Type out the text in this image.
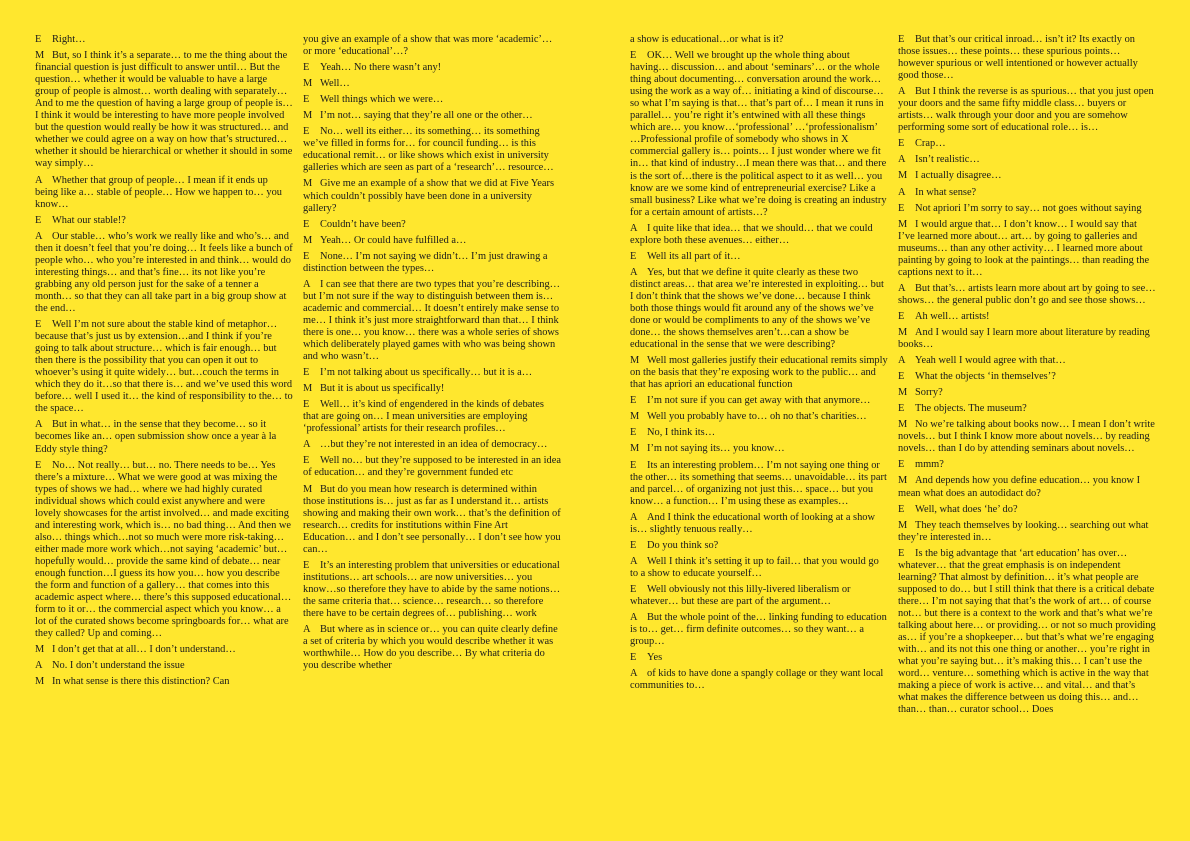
E Right…

M But, so I think it’s a separate… to me the thing about the financial question is just difficult to answer until… But the question… whether it would be valuable to have a large group of people is almost… worth dealing with separately… And to me the question of having a large group of people is… I think it would be interesting to have more people involved but the question would really be how it was structured… and whether we could agree on a way on how that’s structured… whether it should be hierarchical or whether it should in some way simply…

A Whether that group of people… I mean if it ends up being like a… stable of people… How we happen to… you know…

E What our stable!?

A Our stable… who’s work we really like and who’s… and then it doesn’t feel that you’re doing… It feels like a bunch of people who… who you’re interested in and think… would do interesting things… and that’s fine… its not like you’re grabbing any old person just for the sake of a tenner a month… so that they can all take part in a big group show at the end…

E Well I’m not sure about the stable kind of metaphor… because that’s just us by extension…and I think if you’re going to talk about structure… which is fair enough… but then there is the possibility that you can open it out to whoever’s using it quite widely… but…couch the terms in which they do it…so that there is… and we’ve used this word before… well I used it… the kind of responsibility to the… to the space…

A But in what… in the sense that they become… so it becomes like an… open submission show once a year à la Eddy style thing?

E No… Not really… but… no. There needs to be… Yes there’s a mixture… What we were good at was mixing the types of shows we had… where we had highly curated individual shows which could exist anywhere and were lovely showcases for the artist involved… and made exciting and interesting work, which is… no bad thing… And then we also… things which…not so much were more risk-taking… either made more work which…not saying ‘academic’ but… hopefully would… provide the same kind of debate… near enough function…I guess its how you… how you describe the form and function of a gallery… that comes into this academic aspect where… there’s this supposed educational… form to it or… the commercial aspect which you know… a lot of the curated shows become springboards for… what are they called? Up and coming…

M I don’t get that at all… I don’t understand…

A No. I don’t understand the issue

M In what sense is there this distinction? Can

you give an example of a show that was more ‘academic’… or more ‘educational’…?

E Yeah… No there wasn’t any!

M Well…

E Well things which we were…

M I’m not… saying that they’re all one or the other…

E No… well its either… its something… its something we’ve filled in forms for… for council funding… is this educational remit… or like shows which exist in university galleries which are seen as part of a ‘research’… resource…

M Give me an example of a show that we did at Five Years which couldn’t possibly have been done in a university gallery?

E Couldn’t have been?

M Yeah… Or could have fulfilled a…

E None… I’m not saying we didn’t… I’m just drawing a distinction between the types…

A I can see that there are two types that you’re describing… but I’m not sure if the way to distinguish between them is… academic and commercial… It doesn’t entirely make sense to me… I think it’s just more straightforward than that… I think there is one… you know… there was a whole series of shows which deliberately played games with who was being shown and who wasn’t…

E I’m not talking about us specifically… but it is a…

M But it is about us specifically!

E Well… it’s kind of engendered in the kinds of debates that are going on… I mean universities are employing ‘professional’ artists for their research profiles…

A …but they’re not interested in an idea of democracy…

E Well no… but they’re supposed to be interested in an idea of education… and they’re government funded etc

M But do you mean how research is determined within those institutions is… just as far as I understand it… artists showing and making their own work… that’s the definition of research… credits for institutions within Fine Art Education… and I don’t see personally… I don’t see how you can…

E It’s an interesting problem that universities or educational institutions… art schools… are now universities… you know…so therefore they have to abide by the same notions… the same criteria that… science… research… so therefore there have to be certain degrees of… publishing… work

A But where as in science or… you can quite clearly define a set of criteria by which you would describe whether it was worthwhile… How do you describe… By what criteria do you describe whether

a show is educational…or what is it?

E OK… Well we brought up the whole thing about having… discussion… and about ‘seminars’… or the whole thing about documenting… conversation around the work… using the work as a way of… initiating a kind of discourse… so what I’m saying is that… that’s part of… I mean it runs in parallel… you’re right it’s entwined with all these things which are… you know…‘professional’ …‘professionalism’ …Professional profile of somebody who shows in X commercial gallery is… points… I just wonder where we fit in… that kind of industry…I mean there was that… and there is the sort of…there is the political aspect to it as well… you know are we some kind of entrepreneurial exercise? Like a small business? Like what we’re doing is creating an industry for a certain amount of artists…?

A I quite like that idea… that we should… that we could explore both these avenues… either…

E Well its all part of it…

A Yes, but that we define it quite clearly as these two distinct areas… that area we’re interested in exploiting… but I don’t think that the shows we’ve done… because I think both those things would fit around any of the shows we’ve done or would be compliments to any of the shows we’ve done… the shows themselves aren’t…can a show be educational in the sense that we were describing?

M Well most galleries justify their educational remits simply on the basis that they’re exposing work to the public… and that has apriori an educational function

E I’m not sure if you can get away with that anymore…

M Well you probably have to… oh no that’s charities…

E No, I think its…

M I’m not saying its… you know…

E Its an interesting problem… I’m not saying one thing or the other… its something that seems… unavoidable… its part and parcel… of organizing not just this… space… but you know… a function… I’m using these as examples…

A And I think the educational worth of looking at a show is… slightly tenuous really…

E Do you think so?

A Well I think it’s setting it up to fail… that you would go to a show to educate yourself…

E Well obviously not this lilly-livered liberalism or whatever… but these are part of the argument…

A But the whole point of the… linking funding to education is to… get… firm definite outcomes… so they want… a group…

E Yes

A of kids to have done a spangly collage or they want local communities to…

E But that’s our critical inroad… isn’t it? Its exactly on those issues… these points… these spurious points… however spurious or well intentioned or however actually good those…

A But I think the reverse is as spurious… that you just open your doors and the same fifty middle class… buyers or artists… walk through your door and you are somehow performing some sort of educational role… is…

E Crap…

A Isn’t realistic…

M I actually disagree…

A In what sense?

E Not apriori I’m sorry to say… not goes without saying

M I would argue that… I don’t know… I would say that I’ve learned more about… art… by going to galleries and museums… than any other activity… I learned more about painting by going to look at the paintings… than reading the captions next to it…

A But that’s… artists learn more about art by going to see… shows… the general public don’t go and see those shows…

E Ah well… artists!

M And I would say I learn more about literature by reading books…

A Yeah well I would agree with that…

E What the objects ‘in themselves’?

M Sorry?

E The objects. The museum?

M No we’re talking about books now… I mean I don’t write novels… but I think I know more about novels… by reading novels… than I do by attending seminars about novels…

E mmm?

M And depends how you define education… you know I mean what does an autodidact do?

E Well, what does ‘he’ do?

M They teach themselves by looking… searching out what they’re interested in…

E Is the big advantage that ‘art education’ has over… whatever… that the great emphasis is on independent learning? That almost by definition… it’s what people are supposed to do… but I still think that there is a critical debate there… I’m not saying that that’s the work of art… of course not… but there is a context to the work and that’s what we’re talking about here… or providing… or not so much providing as… if you’re a shopkeeper… but that’s what we’re engaging with… and its not this one thing or another… you’re right in what you’re saying but… it’s making this… I can’t use the word… venture… something which is active in the way that making a piece of work is active… and vital… and that’s what makes the difference between us doing this… and… than… than… curator school… Does
